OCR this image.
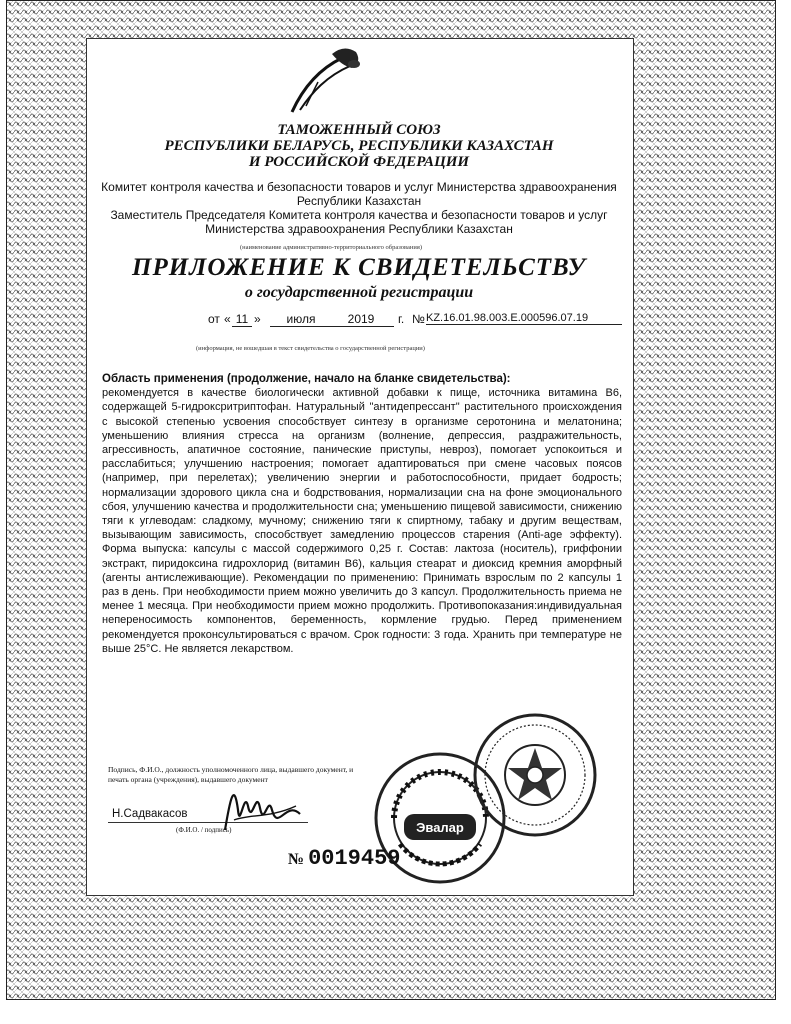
ТАМОЖЕННЫЙ СОЮЗ
РЕСПУБЛИКИ БЕЛАРУСЬ, РЕСПУБЛИКИ КАЗАХСТАН
И РОССИЙСКОЙ ФЕДЕРАЦИИ
Комитет контроля качества и безопасности товаров и услуг Министерства здравоохранения
Республики Казахстан
Заместитель Председателя Комитета контроля качества и безопасности товаров и услуг
Министерства здравоохранения Республики Казахстан
(наименование административно-территориального образования)
ПРИЛОЖЕНИЕ К СВИДЕТЕЛЬСТВУ
о государственной регистрации
от « 11 »	июля	2019	г. № KZ.16.01.98.003.E.000596.07.19
(информация, не вошедшая в текст свидетельства о государственной регистрации)

Область применения (продолжение, начало на бланке свидетельства):

рекомендуется в качестве биологически активной добавки к пище, источника витамина B6, содержащей 5-гидроксритриптофан. Натуральный "антидепрессант" растительного происхождения с высокой степенью усвоения способствует синтезу в организме серотонина и мелатонина; уменьшению влияния стресса на организм (волнение, депрессия, раздражительность, агрессивность, апатичное состояние, панические приступы, невроз), помогает успокоиться и расслабиться; улучшению настроения; помогает адаптироваться при смене часовых поясов (например, при перелетах); увеличению энергии и работоспособности, придает бодрость; нормализации здорового цикла сна и бодрствования, нормализации сна на фоне эмоционального сбоя, улучшению качества и продолжительности сна; уменьшению пищевой зависимости, снижению тяги к углеводам: сладкому, мучному; снижению тяги к спиртному, табаку и другим веществам, вызывающим зависимость, способствует замедлению процессов старения (Anti-age эффекту). Форма выпуска: капсулы с массой содержимого 0,25 г. Состав: лактоза (носитель), гриффонии экстракт, пиридоксина гидрохлорид (витамин B6), кальция стеарат и диоксид кремния аморфный (агенты антислеживающие). Рекомендации по применению: Принимать взрослым по 2 капсулы 1 раз в день. При необходимости прием можно увеличить до 3 капсул. Продолжительность приема не менее 1 месяца. При необходимости прием можно продолжить. Противопоказания:индивидуальная непереносимость компонентов, беременность, кормление грудью. Перед применением рекомендуется проконсультироваться с врачом. Срок годности: 3 года. Хранить при температуре не выше 25°С. Не является лекарством.

Подпись, Ф.И.О., должность уполномоченного лица, выдавшего документ, и печать органа (учреждения), выдавшего документ
Н.Садвакасов
(Ф.И.О. / подпись)	Эвалар
№ 0019459
